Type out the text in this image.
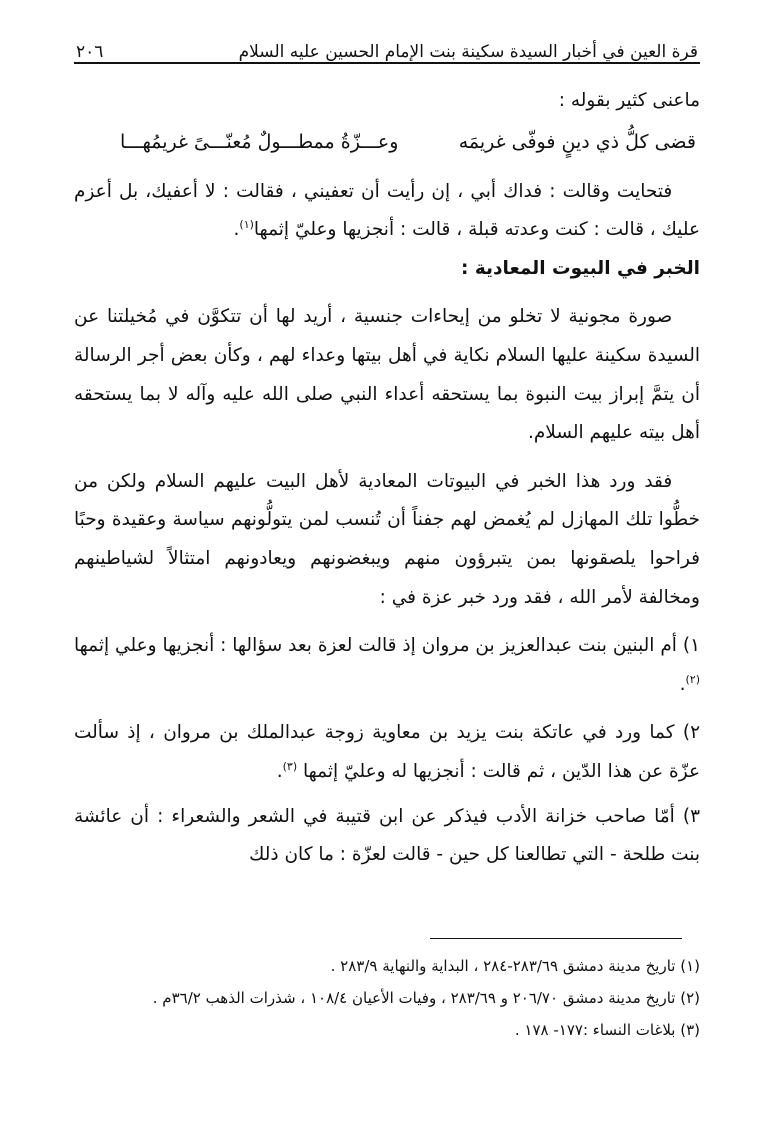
قرة العين في أخبار السيدة سكينة بنت الإمام الحسين عليه السلام
٢٠٦

ماعنى كثير بقوله :

قضى كلُّ ذي دينٍ فوفّى غريمَه
وعـــزّةُ ممطـــولٌ مُعنّـــىً غريمُهـــا

  فتحايت وقالت : فداك أبي ، إن رأيت أن تعفيني ، فقالت : لا أعفيك، بل أعزم عليك ، قالت : كنت وعدته قبلة ، قالت : أنجزيها وعليّ إثمها$^{(١)}$.

الخبر في البيوت المعادية :

  صورة مجونية لا تخلو من إيحاءات جنسية ، أريد لها أن تتكوَّن في مُخيلتنا عن السيدة سكينة عليها السلام نكاية في أهل بيتها وعداء لهم ، وكأن بعض أجر الرسالة أن يتمَّ إبراز بيت النبوة بما يستحقه أعداء النبي صلى الله عليه وآله لا بما يستحقه أهل بيته عليهم السلام.

  فقد ورد هذا الخبر في البيوتات المعادية لأهل البيت عليهم السلام ولكن من خطُّوا تلك المهازل لم يُغمض لهم جفناً أن تُنسب لمن يتولُّونهم سياسة وعقيدة وحبًا فراحوا يلصقونها بمن يتبرؤون منهم ويبغضونهم ويعادونهم امتثالاً لشياطينهم ومخالفة لأمر الله ، فقد ورد خبر عزة في :

١) أم البنين بنت عبدالعزيز بن مروان إذ قالت لعزة بعد سؤالها : أنجزيها وعلي إثمها $^{(٢)}$.

٢) كما ورد في عاتكة بنت يزيد بن معاوية زوجة عبدالملك بن مروان ، إذ سألت عزّة عن هذا الدّين ، ثم قالت : أنجزيها له وعليّ إثمها $^{(٣)}$.

٣) أمّا صاحب خزانة الأدب فيذكر عن ابن قتيبة في الشعر والشعراء : أن عائشة بنت طلحة - التي تطالعنا كل حين - قالت لعزّة : ما كان ذلك

(١) تاريخ مدينة دمشق ٢٨٣/٦٩-٢٨٤ ، البداية والنهاية ٢٨٣/٩ .

(٢) تاريخ مدينة دمشق ٢٠٦/٧٠ و ٢٨٣/٦٩ ، وفيات الأعيان ١٠٨/٤ ، شذرات الذهب ٣٦/٢م .

(٣) بلاغات النساء :١٧٧- ١٧٨ .
